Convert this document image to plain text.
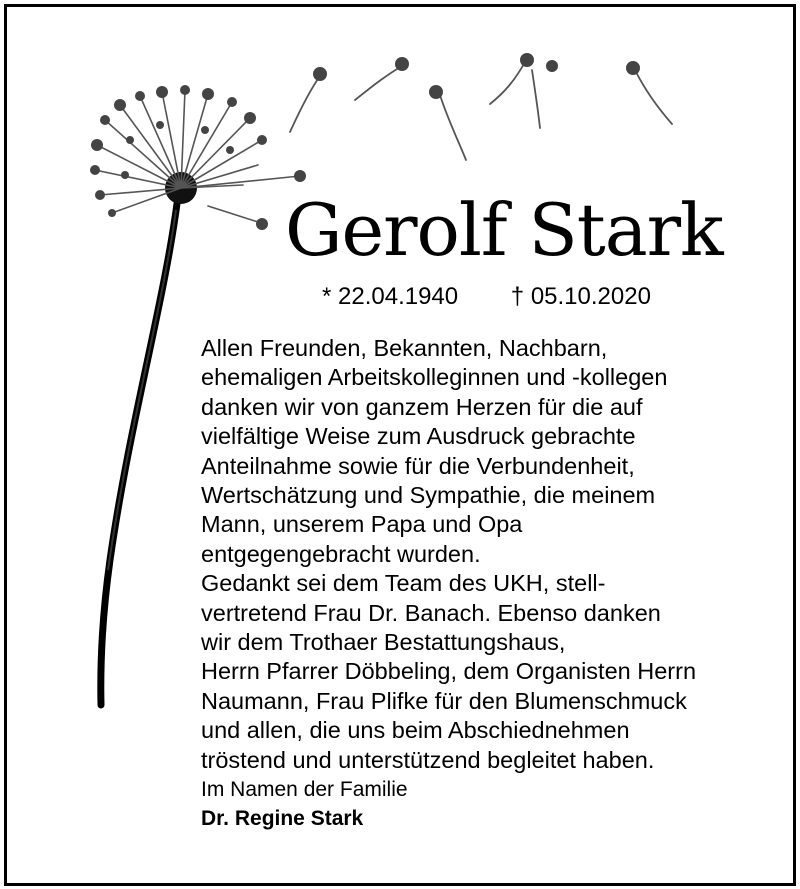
Gerolf Stark
* 22.04.1940 † 05.10.2020
Allen Freunden, Bekannten, Nachbarn,
ehemaligen Arbeitskolleginnen und -kollegen
danken wir von ganzem Herzen für die auf
vielfältige Weise zum Ausdruck gebrachte
Anteilnahme sowie für die Verbundenheit,
Wertschätzung und Sympathie, die meinem
Mann, unserem Papa und Opa
entgegengebracht wurden.
Gedankt sei dem Team des UKH, stell-
vertretend Frau Dr. Banach. Ebenso danken
wir dem Trothaer Bestattungshaus,
Herrn Pfarrer Döbbeling, dem Organisten Herrn
Naumann, Frau Plifke für den Blumenschmuck
und allen, die uns beim Abschiednehmen
tröstend und unterstützend begleitet haben.
Im Namen der Familie
Dr. Regine Stark
